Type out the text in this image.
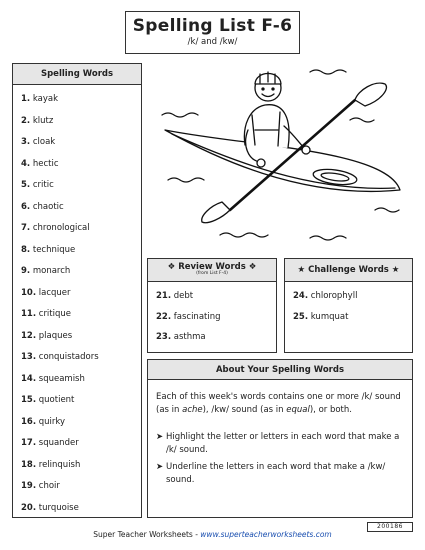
Spelling List F-6
/k/ and /kw/
Spelling Words
1. kayak
2. klutz
3. cloak
4. hectic
5. critic
6. chaotic
7. chronological
8. technique
9. monarch
10. lacquer
11. critique
12. plaques
13. conquistadors
14. squeamish
15. quotient
16. quirky
17. squander
18. relinquish
19. choir
20. turquoise
❖ Review Words ❖
(from List F-4)
21. debt
22. fascinating
23. asthma
★ Challenge Words ★
24. chlorophyll
25. kumquat
About Your Spelling Words
Each of this week's words contains one or more /k/ sound (as in ache), /kw/ sound (as in equal), or both.
➤ Highlight the letter or letters in each word that make a /k/ sound.
➤ Underline the letters in each word that make a /kw/ sound.
200186
Super Teacher Worksheets - www.superteacherworksheets.com
